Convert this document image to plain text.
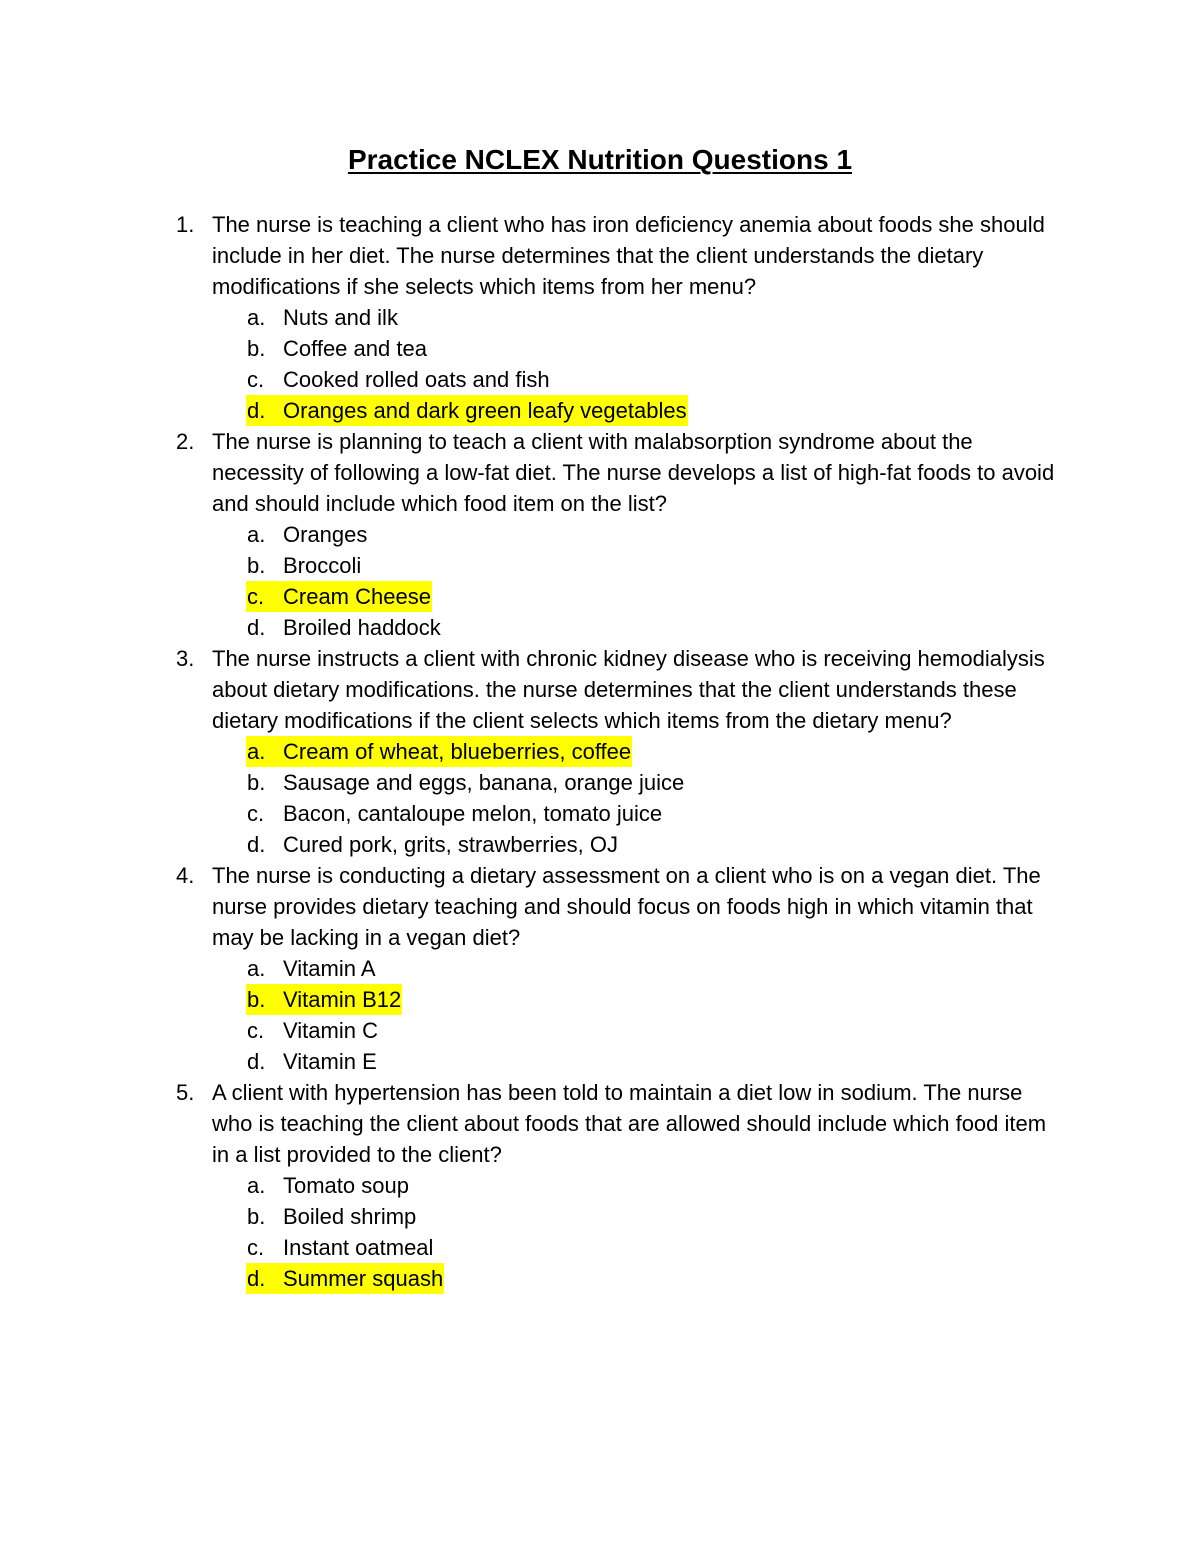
Practice NCLEX Nutrition Questions 1
1. The nurse is teaching a client who has iron deficiency anemia about foods she should include in her diet. The nurse determines that the client understands the dietary modifications if she selects which items from her menu?

a. Nuts and ilk
b. Coffee and tea
c. Cooked rolled oats and fish
d. Oranges and dark green leafy vegetables
2. The nurse is planning to teach a client with malabsorption syndrome about the necessity of following a low-fat diet. The nurse develops a list of high-fat foods to avoid and should include which food item on the list?

a. Oranges
b. Broccoli
c. Cream Cheese
d. Broiled haddock
3. The nurse instructs a client with chronic kidney disease who is receiving hemodialysis about dietary modifications. the nurse determines that the client understands these dietary modifications if the client selects which items from the dietary menu?

a. Cream of wheat, blueberries, coffee
b. Sausage and eggs, banana, orange juice
c. Bacon, cantaloupe melon, tomato juice
d. Cured pork, grits, strawberries, OJ
4. The nurse is conducting a dietary assessment on a client who is on a vegan diet. The nurse provides dietary teaching and should focus on foods high in which vitamin that may be lacking in a vegan diet?

a. Vitamin A
b. Vitamin B12
c. Vitamin C
d. Vitamin E
5. A client with hypertension has been told to maintain a diet low in sodium. The nurse who is teaching the client about foods that are allowed should include which food item in a list provided to the client?

a. Tomato soup
b. Boiled shrimp
c. Instant oatmeal
d. Summer squash
